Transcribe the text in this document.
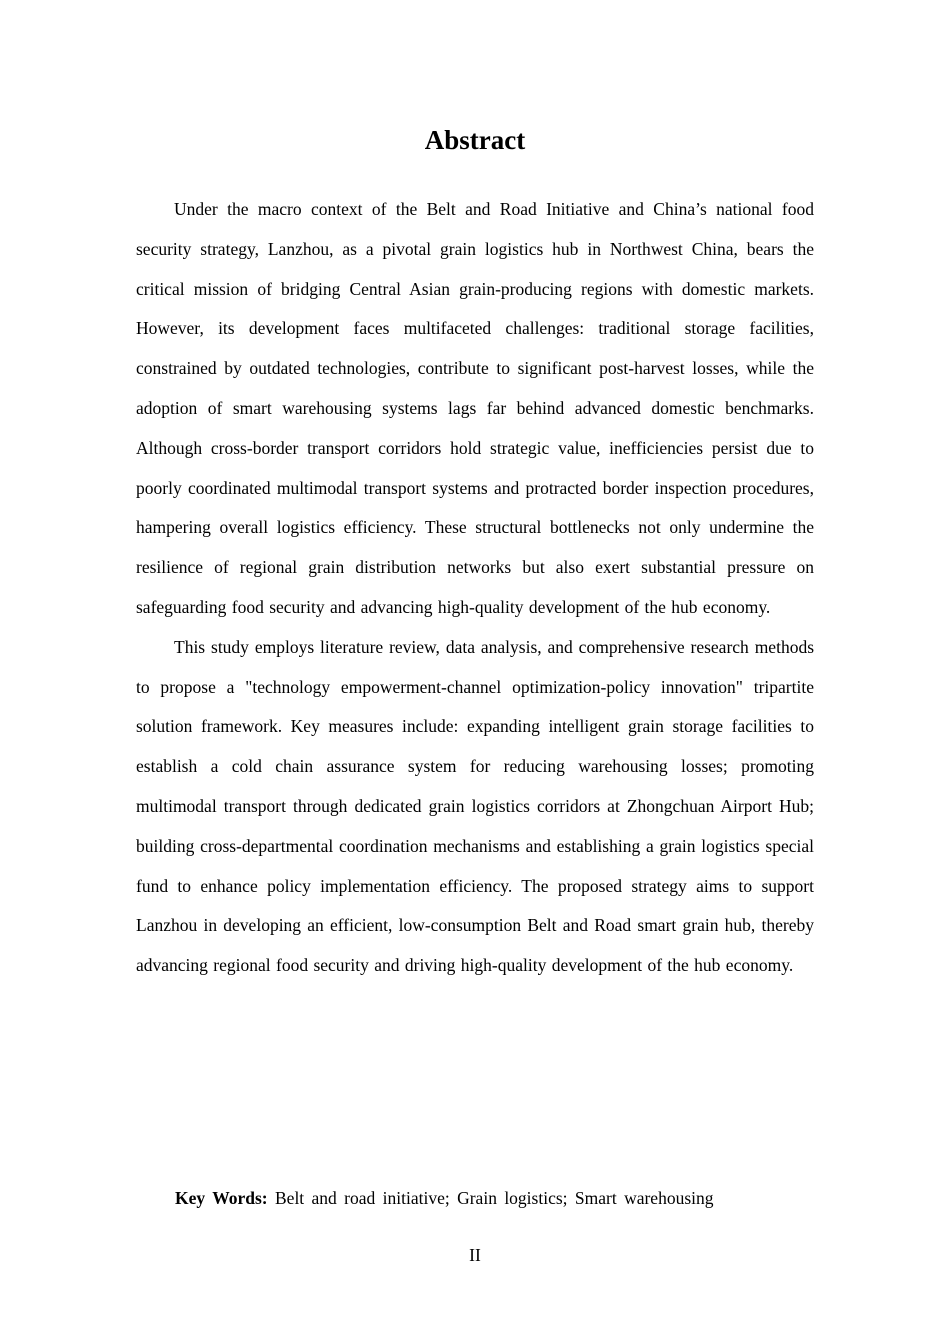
Abstract

Under the macro context of the Belt and Road Initiative and China’s national food security strategy, Lanzhou, as a pivotal grain logistics hub in Northwest China, bears the critical mission of bridging Central Asian grain-producing regions with domestic markets. However, its development faces multifaceted challenges: traditional storage facilities, constrained by outdated technologies, contribute to significant post-harvest losses, while the adoption of smart warehousing systems lags far behind advanced domestic benchmarks. Although cross-border transport corridors hold strategic value, inefficiencies persist due to poorly coordinated multimodal transport systems and protracted border inspection procedures, hampering overall logistics efficiency. These structural bottlenecks not only undermine the resilience of regional grain distribution networks but also exert substantial pressure on safeguarding food security and advancing high-quality development of the hub economy.

This study employs literature review, data analysis, and comprehensive research methods to propose a "technology empowerment-channel optimization-policy innovation" tripartite solution framework. Key measures include: expanding intelligent grain storage facilities to establish a cold chain assurance system for reducing warehousing losses; promoting multimodal transport through dedicated grain logistics corridors at Zhongchuan Airport Hub; building cross-departmental coordination mechanisms and establishing a grain logistics special fund to enhance policy implementation efficiency. The proposed strategy aims to support Lanzhou in developing an efficient, low-consumption Belt and Road smart grain hub, thereby advancing regional food security and driving high-quality development of the hub economy.

Key Words: Belt and road initiative; Grain logistics; Smart warehousing

II
